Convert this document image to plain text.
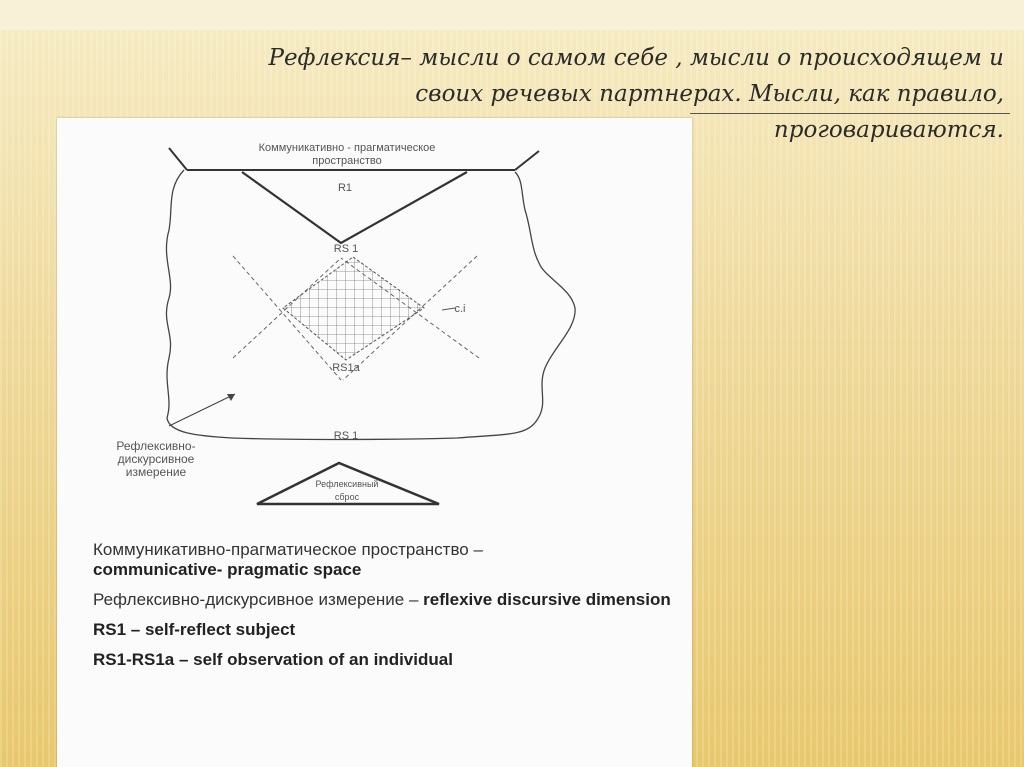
Рефлексия– мысли о самом себе , мысли о происходящем и
своих речевых партнерах. Мысли, как правило,
проговариваются.

Коммуникативно - прагматическое
пространство
R1
RS 1
с.i
RS1a
RS 1
Рефлексивно-
дискурсивное
измерение
Рефлексивный
сброс
Коммуникативно-прагматическое пространство –
communicative- pragmatic space
Рефлексивно-дискурсивное измерение – reflexive discursive dimension
RS1 – self-reflect subject
RS1-RS1a – self observation of an individual
